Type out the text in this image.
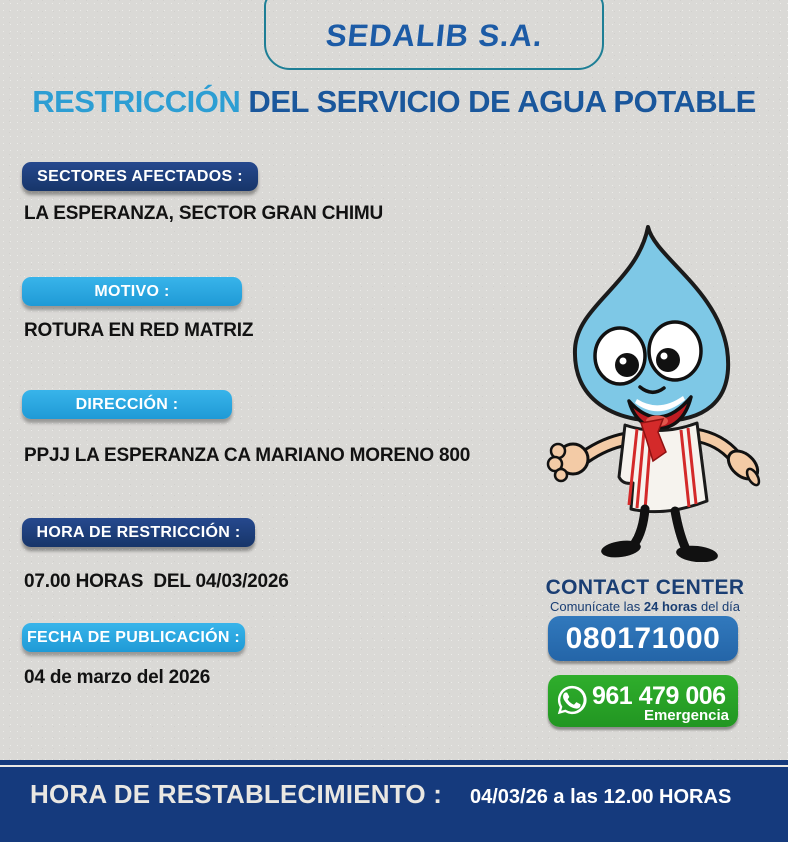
SEDALIB S.A.
RESTRICCIÓN DEL SERVICIO DE AGUA POTABLE
SECTORES AFECTADOS :
LA ESPERANZA, SECTOR GRAN CHIMU
MOTIVO :
ROTURA EN RED MATRIZ
DIRECCIÓN :
PPJJ LA ESPERANZA CA MARIANO MORENO 800
HORA DE RESTRICCIÓN :
07.00 HORAS  DEL 04/03/2026
FECHA DE PUBLICACIÓN :
04 de marzo del 2026
CONTACT CENTER
Comunícate las 24 horas del día
080171000
961 479 006
Emergencia
HORA DE RESTABLECIMIENTO : 04/03/26 a las 12.00 HORAS
